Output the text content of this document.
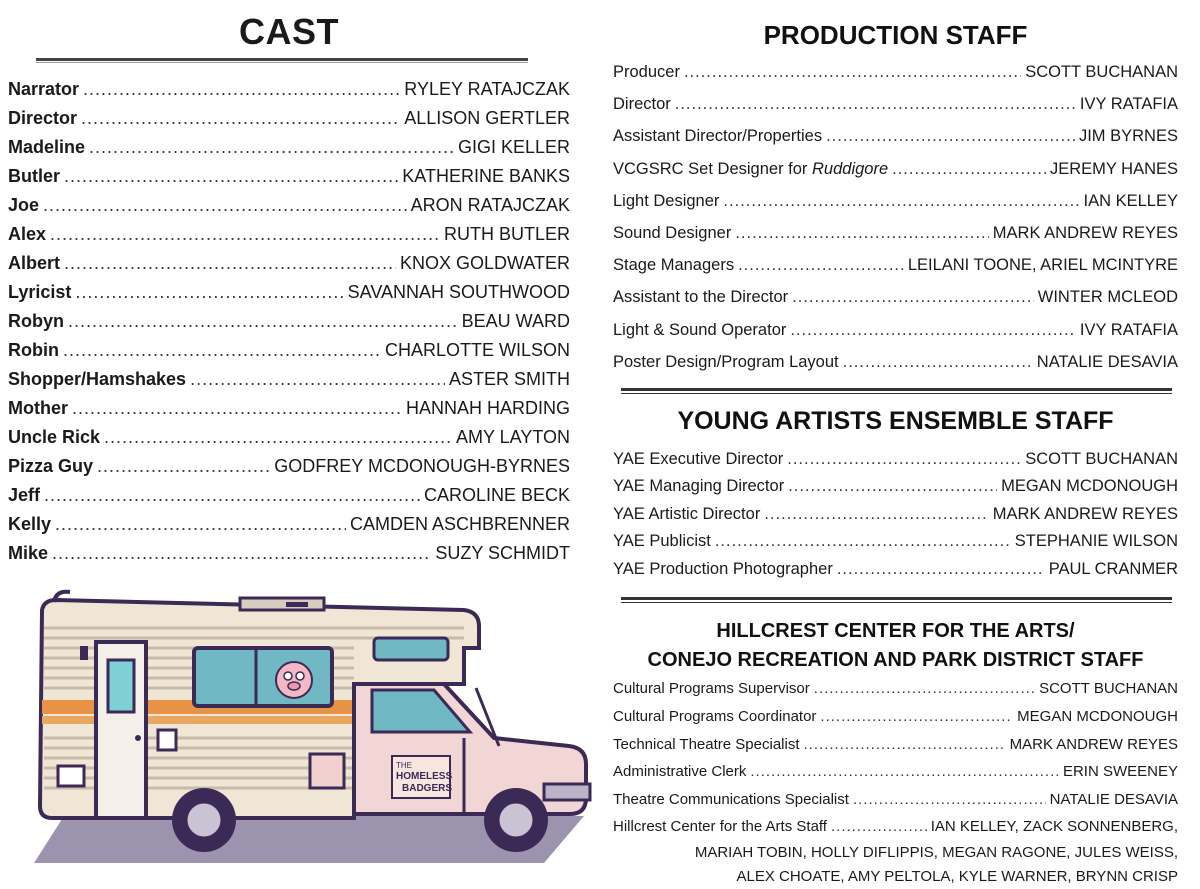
CAST
Narrator .....	RYLEY RATAJCZAK
Director .....	ALLISON GERTLER
Madeline .....	GIGI KELLER
Butler .....	KATHERINE BANKS
Joe .....	ARON RATAJCZAK
Alex .....	RUTH BUTLER
Albert .....	KNOX GOLDWATER
Lyricist .....	SAVANNAH SOUTHWOOD
Robyn .....	BEAU WARD
Robin .....	CHARLOTTE WILSON
Shopper/Hamshakes .....	ASTER SMITH
Mother .....	HANNAH HARDING
Uncle Rick .....	AMY LAYTON
Pizza Guy .....	GODFREY MCDONOUGH-BYRNES
Jeff .....	CAROLINE BECK
Kelly .....	CAMDEN ASCHBRENNER
Mike .....	SUZY SCHMIDT
THE
HOMELESS
BADGERS
PRODUCTION STAFF
Producer .....	SCOTT BUCHANAN
Director .....	IVY RATAFIA
Assistant Director/Properties .....	JIM BYRNES
VCGSRC Set Designer for Ruddigore .....	JEREMY HANES
Light Designer .....	IAN KELLEY
Sound Designer .....	MARK ANDREW REYES
Stage Managers .....	LEILANI TOONE, ARIEL MCINTYRE
Assistant to the Director .....	WINTER MCLEOD
Light & Sound Operator .....	IVY RATAFIA
Poster Design/Program Layout .....	NATALIE DESAVIA
YOUNG ARTISTS ENSEMBLE STAFF
YAE Executive Director .....	SCOTT BUCHANAN
YAE Managing Director .....	MEGAN MCDONOUGH
YAE Artistic Director .....	MARK ANDREW REYES
YAE Publicist .....	STEPHANIE WILSON
YAE Production Photographer .....	PAUL CRANMER
HILLCREST CENTER FOR THE ARTS/
CONEJO RECREATION AND PARK DISTRICT STAFF
Cultural Programs Supervisor .....	SCOTT BUCHANAN
Cultural Programs Coordinator .....	MEGAN MCDONOUGH
Technical Theatre Specialist .....	MARK ANDREW REYES
Administrative Clerk .....	ERIN SWEENEY
Theatre Communications Specialist .....	NATALIE DESAVIA
Hillcrest Center for the Arts Staff .....	IAN KELLEY, ZACK SONNENBERG,
MARIAH TOBIN, HOLLY DIFLIPPIS, MEGAN RAGONE, JULES WEISS,
ALEX CHOATE, AMY PELTOLA, KYLE WARNER, BRYNN CRISP
